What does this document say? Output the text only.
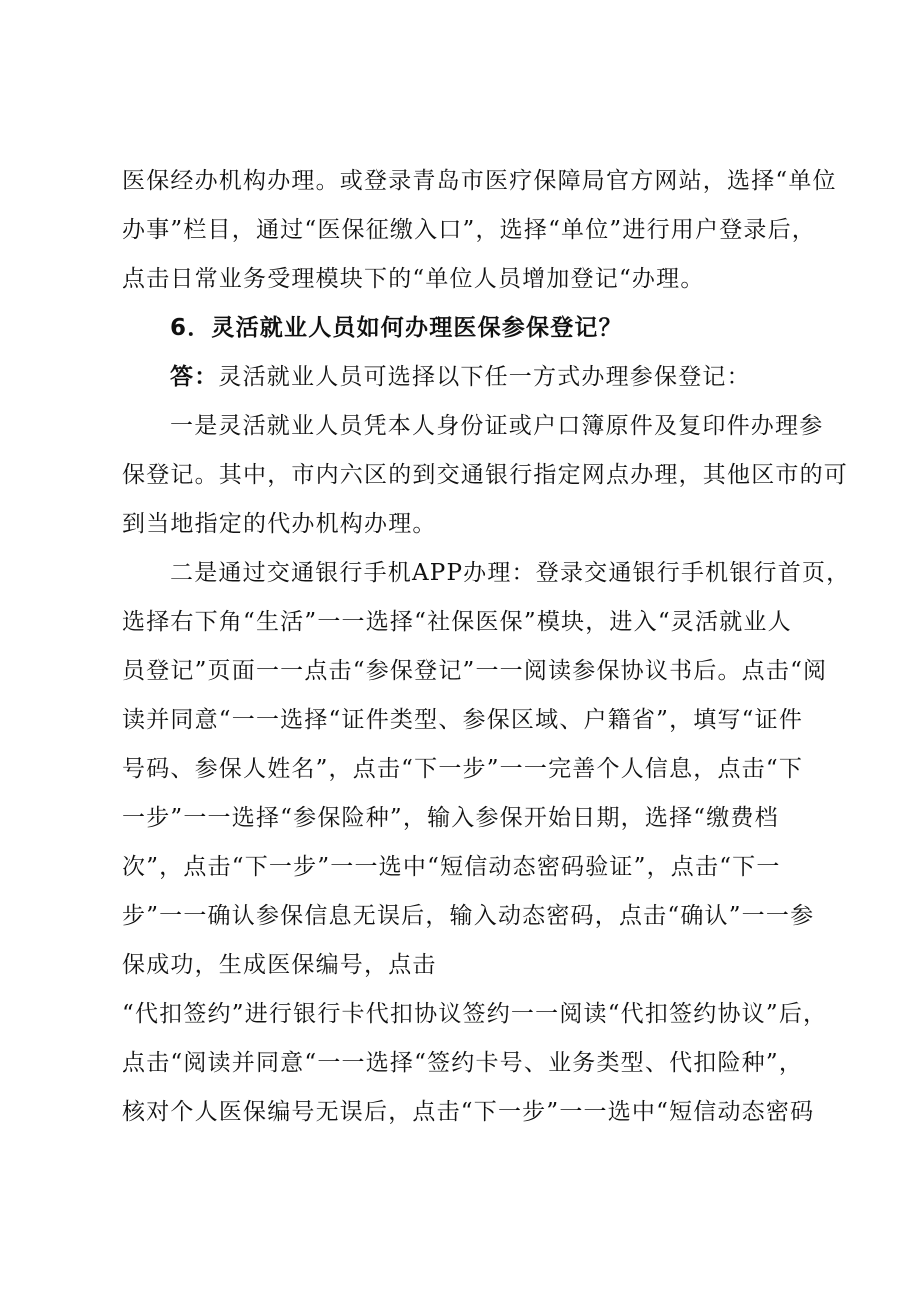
医保经办机构办理。或登录青岛市医疗保障局官方网站，选择“单位
办事”栏目，通过“医保征缴入口”，选择“单位”进行用户登录后，
点击日常业务受理模块下的“单位人员增加登记“办理。
6．灵活就业人员如何办理医保参保登记？
答：灵活就业人员可选择以下任一方式办理参保登记：
一是灵活就业人员凭本人身份证或户口簿原件及复印件办理参
保登记。其中，市内六区的到交通银行指定网点办理，其他区市的可
到当地指定的代办机构办理。
二是通过交通银行手机APP办理：登录交通银行手机银行首页，
选择右下角“生活”一一选择“社保医保”模块，进入“灵活就业人
员登记”页面一一点击“参保登记”一一阅读参保协议书后。点击“阅
读并同意“一一选择“证件类型、参保区域、户籍省”，填写“证件
号码、参保人姓名”，点击“下一步”一一完善个人信息，点击“下
一步”一一选择“参保险种”，输入参保开始日期，选择“缴费档
次”，点击“下一步”一一选中“短信动态密码验证”，点击“下一
步”一一确认参保信息无误后，输入动态密码，点击“确认”一一参
保成功，生成医保编号，点击
“代扣签约”进行银行卡代扣协议签约一一阅读“代扣签约协议”后，
点击“阅读并同意“一一选择“签约卡号、业务类型、代扣险种”，
核对个人医保编号无误后，点击“下一步”一一选中“短信动态密码
